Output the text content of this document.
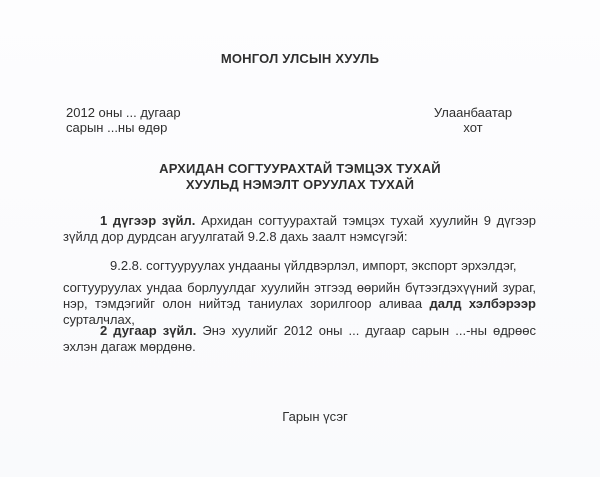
МОНГОЛ УЛСЫН ХУУЛЬ
2012 оны ... дугаар
сарын ...ны өдөр
Улаанбаатар
хот
АРХИДАН СОГТУУРАХТАЙ ТЭМЦЭХ ТУХАЙ
ХУУЛЬД НЭМЭЛТ ОРУУЛАХ ТУХАЙ

1 дүгээр зүйл. Архидан согтуурахтай тэмцэх тухай хуулийн 9 дүгээр зүйлд дор дурдсан агуулгатай 9.2.8 дахь заалт нэмсүгэй:

9.2.8. согтууруулах ундааны үйлдвэрлэл, импорт, экспорт эрхэлдэг,

согтууруулах ундаа борлуулдаг хуулийн этгээд өөрийн бүтээгдэхүүний зураг, нэр, тэмдэгийг олон нийтэд таниулах зорилгоор аливаа далд хэлбэрээр сурталчлах,

2 дугаар зүйл. Энэ хуулийг 2012 оны ... дугаар сарын ...-ны өдрөөс эхлэн дагаж мөрдөнө.

Гарын үсэг
